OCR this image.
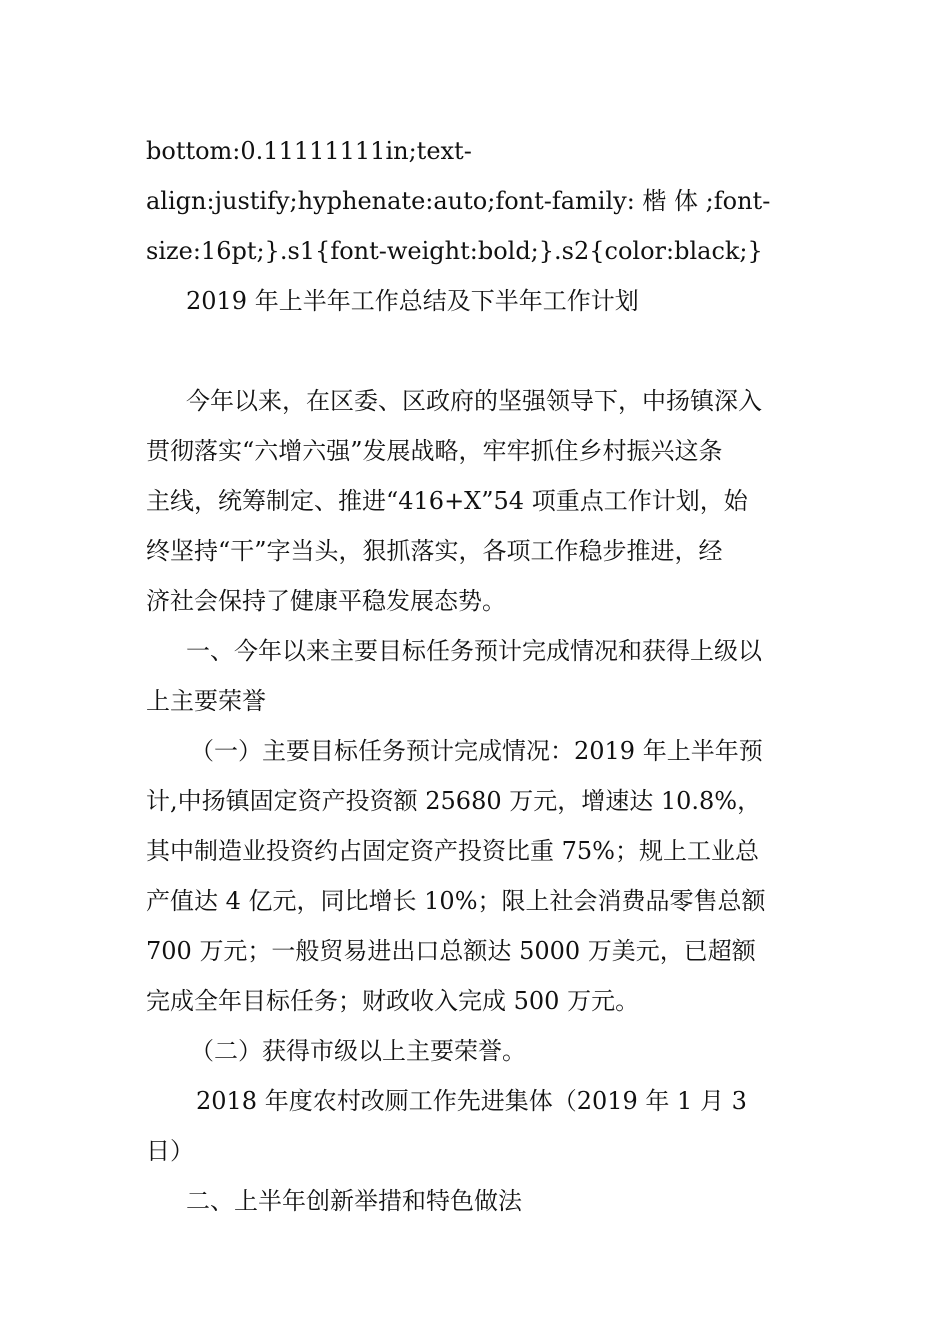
bottom:0.11111111in;text-
align:justify;hyphenate:auto;font-family: 楷 体 ;font-
size:16pt;}.s1{font-weight:bold;}.s2{color:black;}
2019 年上半年工作总结及下半年工作计划
今年以来，在区委、区政府的坚强领导下，中扬镇深入
贯彻落实“六增六强”发展战略，牢牢抓住乡村振兴这条
主线，统筹制定、推进“416+X”54 项重点工作计划，始
终坚持“干”字当头，狠抓落实，各项工作稳步推进，经
济社会保持了健康平稳发展态势。
一、今年以来主要目标任务预计完成情况和获得上级以
上主要荣誉
（一）主要目标任务预计完成情况：2019 年上半年预
计,中扬镇固定资产投资额 25680 万元，增速达 10.8%，
其中制造业投资约占固定资产投资比重 75%；规上工业总
产值达 4 亿元，同比增长 10%；限上社会消费品零售总额
700 万元；一般贸易进出口总额达 5000 万美元，已超额
完成全年目标任务；财政收入完成 500 万元。
（二）获得市级以上主要荣誉。
2018 年度农村改厕工作先进集体（2019 年 1 月 3
日）
二、上半年创新举措和特色做法
